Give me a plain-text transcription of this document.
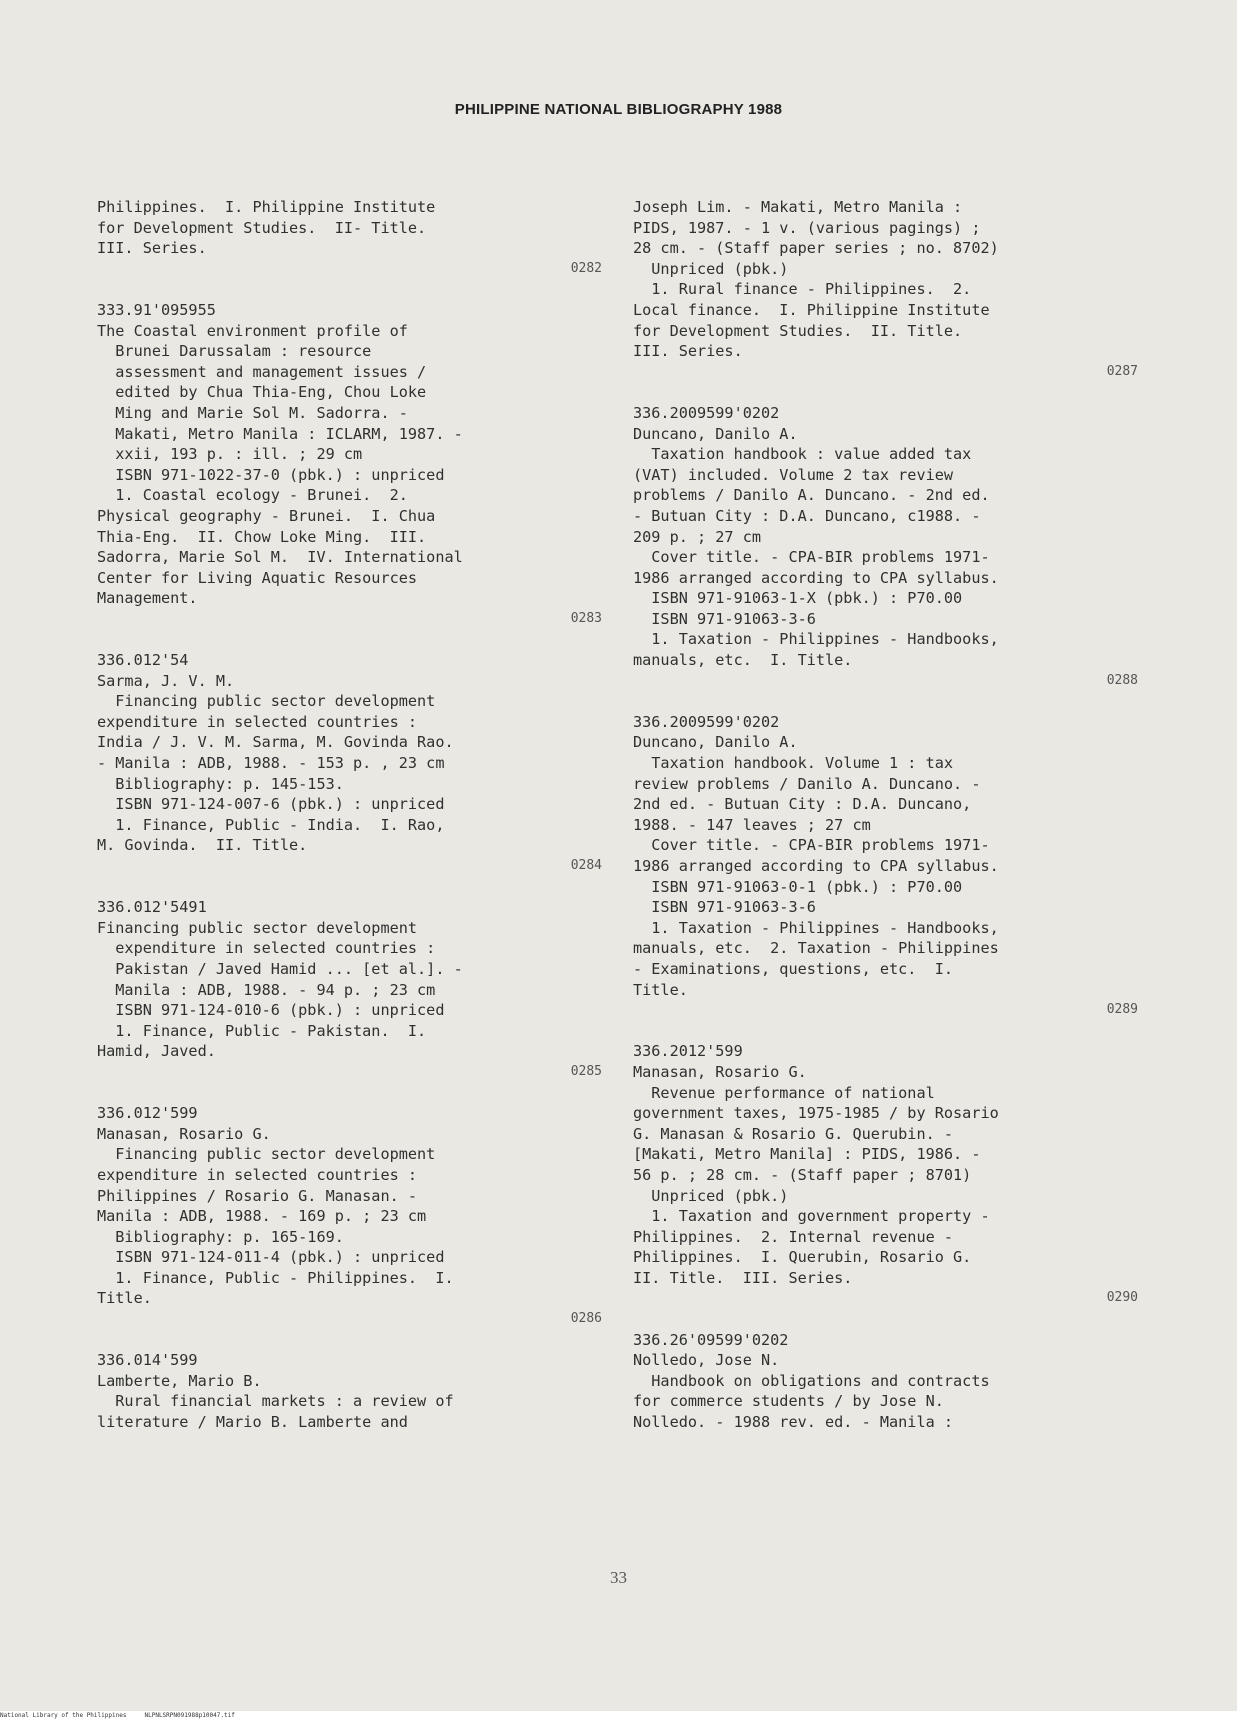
PHILIPPINE NATIONAL BIBLIOGRAPHY 1988
Philippines.  I. Philippine Institute
for Development Studies.  II- Title.
III. Series.
0282
333.91'095955
The Coastal environment profile of
Brunei Darussalam : resource
assessment and management issues /
edited by Chua Thia-Eng, Chou Loke
Ming and Marie Sol M. Sadorra. -
Makati, Metro Manila : ICLARM, 1987. -
xxii, 193 p. : ill. ; 29 cm
ISBN 971-1022-37-0 (pbk.) : unpriced
1. Coastal ecology - Brunei.  2.
Physical geography - Brunei.  I. Chua
Thia-Eng.  II. Chow Loke Ming.  III.
Sadorra, Marie Sol M.  IV. International
Center for Living Aquatic Resources
Management.
0283
336.012'54
Sarma, J. V. M.
Financing public sector development
expenditure in selected countries :
India / J. V. M. Sarma, M. Govinda Rao.
- Manila : ADB, 1988. - 153 p. , 23 cm
Bibliography: p. 145-153.
ISBN 971-124-007-6 (pbk.) : unpriced
1. Finance, Public - India.  I. Rao,
M. Govinda.  II. Title.
0284
336.012'5491
Financing public sector development
expenditure in selected countries :
Pakistan / Javed Hamid ... [et al.]. -
Manila : ADB, 1988. - 94 p. ; 23 cm
ISBN 971-124-010-6 (pbk.) : unpriced
1. Finance, Public - Pakistan.  I.
Hamid, Javed.
0285
336.012'599
Manasan, Rosario G.
Financing public sector development
expenditure in selected countries :
Philippines / Rosario G. Manasan. -
Manila : ADB, 1988. - 169 p. ; 23 cm
Bibliography: p. 165-169.
ISBN 971-124-011-4 (pbk.) : unpriced
1. Finance, Public - Philippines.  I.
Title.
0286
336.014'599
Lamberte, Mario B.
Rural financial markets : a review of
literature / Mario B. Lamberte and
Joseph Lim. - Makati, Metro Manila :
PIDS, 1987. - 1 v. (various pagings) ;
28 cm. - (Staff paper series ; no. 8702)
Unpriced (pbk.)
1. Rural finance - Philippines.  2.
Local finance.  I. Philippine Institute
for Development Studies.  II. Title.
III. Series.
0287
336.2009599'0202
Duncano, Danilo A.
Taxation handbook : value added tax
(VAT) included. Volume 2 tax review
problems / Danilo A. Duncano. - 2nd ed.
- Butuan City : D.A. Duncano, c1988. -
209 p. ; 27 cm
Cover title. - CPA-BIR problems 1971-
1986 arranged according to CPA syllabus.
ISBN 971-91063-1-X (pbk.) : P70.00
ISBN 971-91063-3-6
1. Taxation - Philippines - Handbooks,
manuals, etc.  I. Title.
0288
336.2009599'0202
Duncano, Danilo A.
Taxation handbook. Volume 1 : tax
review problems / Danilo A. Duncano. -
2nd ed. - Butuan City : D.A. Duncano,
1988. - 147 leaves ; 27 cm
Cover title. - CPA-BIR problems 1971-
1986 arranged according to CPA syllabus.
ISBN 971-91063-0-1 (pbk.) : P70.00
ISBN 971-91063-3-6
1. Taxation - Philippines - Handbooks,
manuals, etc.  2. Taxation - Philippines
- Examinations, questions, etc.  I.
Title.
0289
336.2012'599
Manasan, Rosario G.
Revenue performance of national
government taxes, 1975-1985 / by Rosario
G. Manasan & Rosario G. Querubin. -
[Makati, Metro Manila] : PIDS, 1986. -
56 p. ; 28 cm. - (Staff paper ; 8701)
Unpriced (pbk.)
1. Taxation and government property -
Philippines.  2. Internal revenue -
Philippines.  I. Querubin, Rosario G.
II. Title.  III. Series.
0290
336.26'09599'0202
Nolledo, Jose N.
Handbook on obligations and contracts
for commerce students / by Jose N.
Nolledo. - 1988 rev. ed. - Manila :
33
National Library of the Philippines	NLPNLSRPN091988p10047.tif
